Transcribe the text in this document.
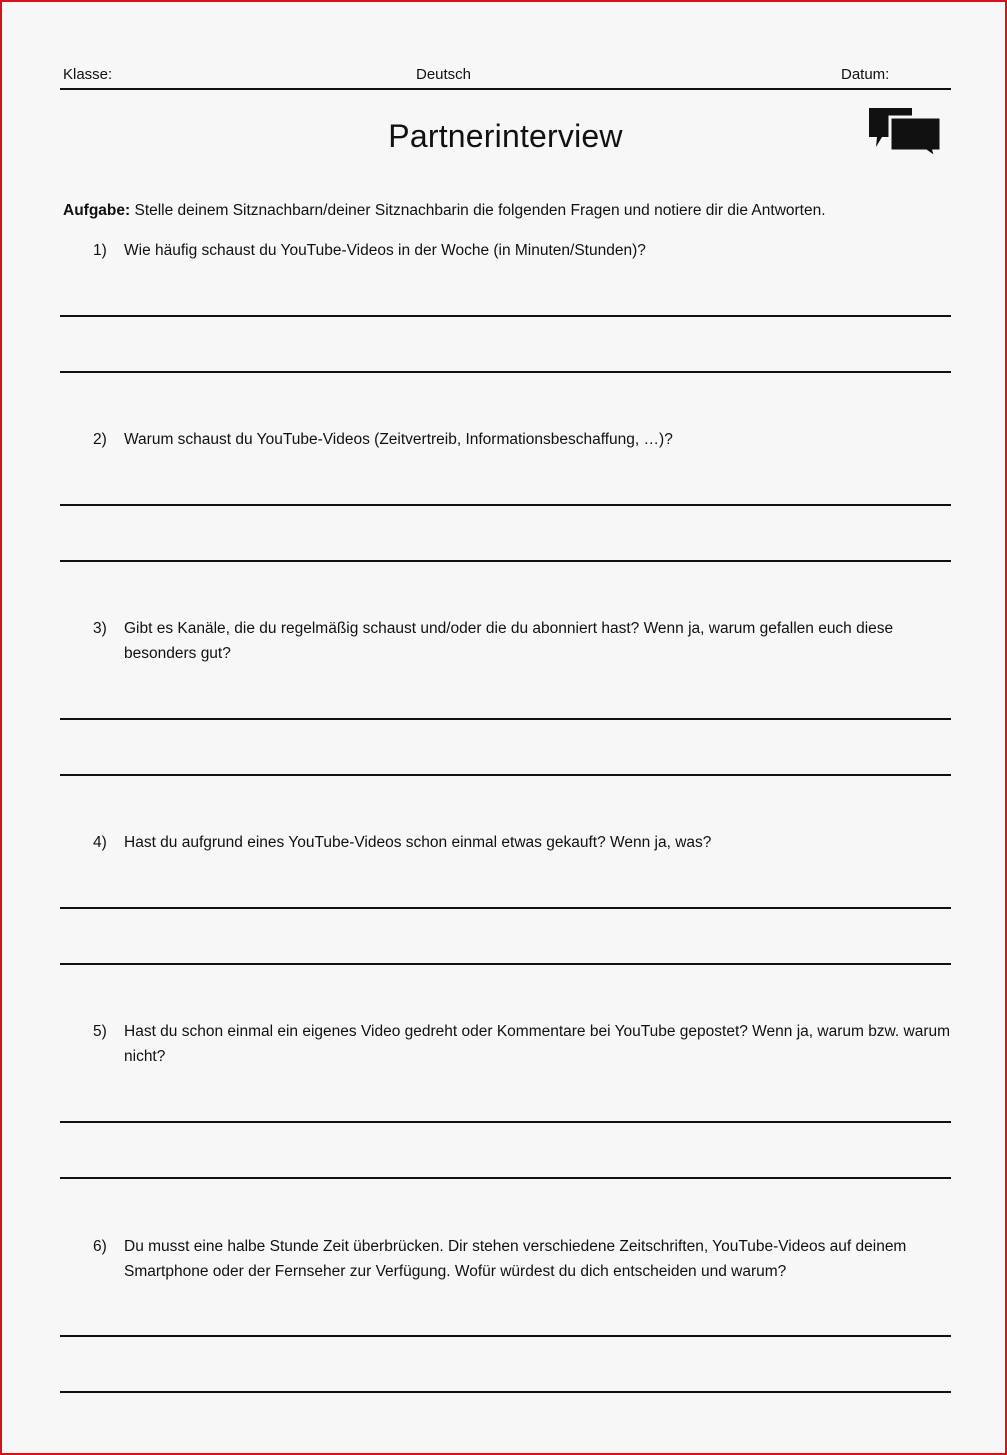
Klasse:	Deutsch	Datum:
Partnerinterview
Aufgabe: Stelle deinem Sitznachbarn/deiner Sitznachbarin die folgenden Fragen und notiere dir die Antworten.
1) Wie häufig schaust du YouTube-Videos in der Woche (in Minuten/Stunden)?
2) Warum schaust du YouTube-Videos (Zeitvertreib, Informationsbeschaffung, …)?
3) Gibt es Kanäle, die du regelmäßig schaust und/oder die du abonniert hast? Wenn ja, warum gefallen euch diese besonders gut?
4) Hast du aufgrund eines YouTube-Videos schon einmal etwas gekauft? Wenn ja, was?
5) Hast du schon einmal ein eigenes Video gedreht oder Kommentare bei YouTube gepostet? Wenn ja, warum bzw. warum nicht?
6) Du musst eine halbe Stunde Zeit überbrücken. Dir stehen verschiedene Zeitschriften, YouTube-Videos auf deinem Smartphone oder der Fernseher zur Verfügung. Wofür würdest du dich entscheiden und warum?
